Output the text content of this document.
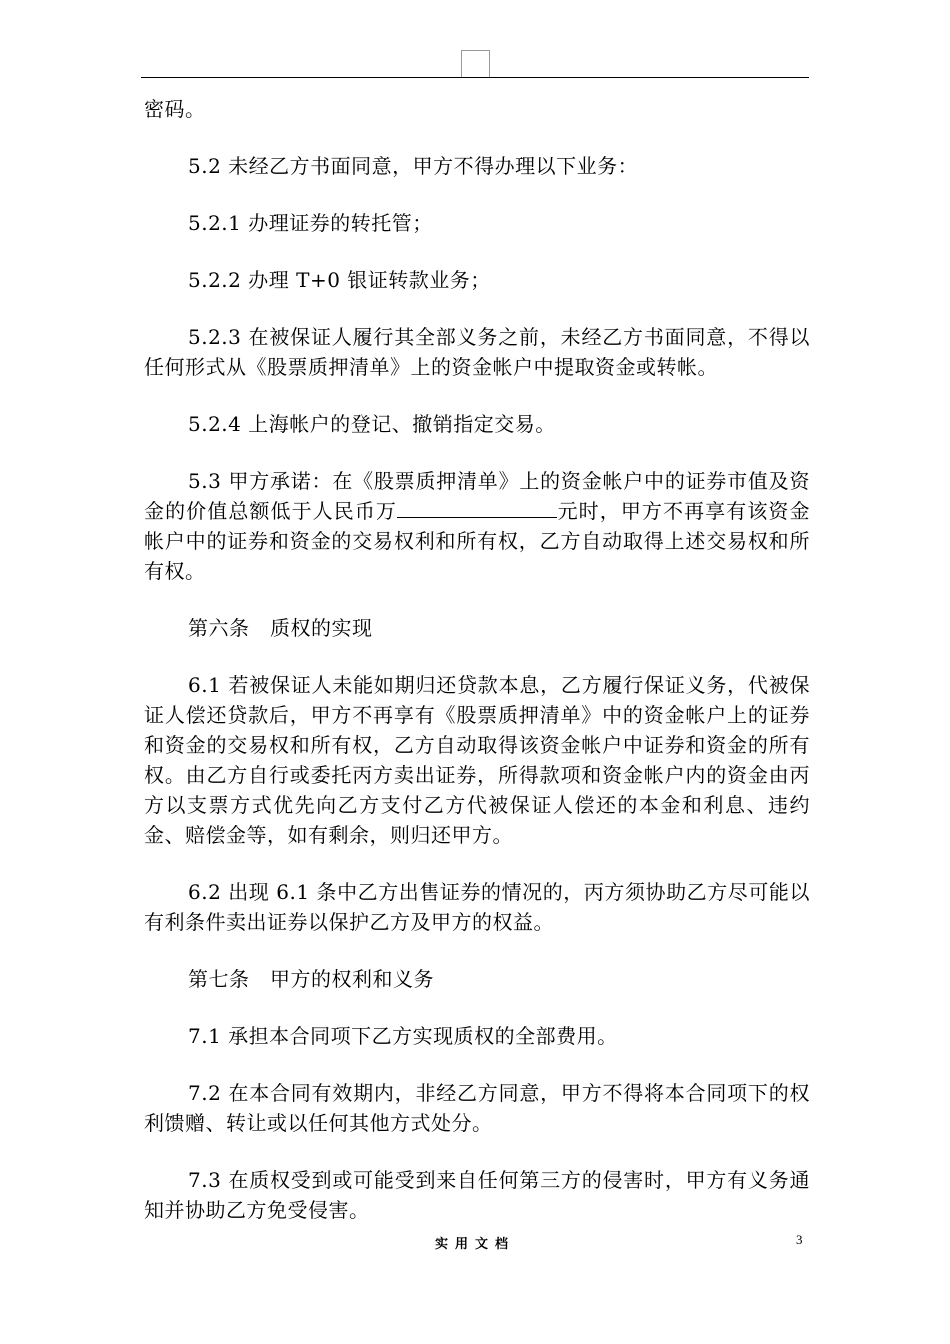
密码。

5.2 未经乙方书面同意，甲方不得办理以下业务：

5.2.1 办理证券的转托管；

5.2.2 办理 T+0 银证转款业务；

5.2.3 在被保证人履行其全部义务之前，未经乙方书面同意，不得以任何形式从《股票质押清单》上的资金帐户中提取资金或转帐。

5.2.4 上海帐户的登记、撤销指定交易。

5.3 甲方承诺：在《股票质押清单》上的资金帐户中的证券市值及资金的价值总额低于人民币万	元时，甲方不再享有该资金帐户中的证券和资金的交易权利和所有权，乙方自动取得上述交易权和所有权。

第六条　质权的实现

6.1 若被保证人未能如期归还贷款本息，乙方履行保证义务，代被保证人偿还贷款后，甲方不再享有《股票质押清单》中的资金帐户上的证券和资金的交易权和所有权，乙方自动取得该资金帐户中证券和资金的所有权。由乙方自行或委托丙方卖出证券，所得款项和资金帐户内的资金由丙方以支票方式优先向乙方支付乙方代被保证人偿还的本金和利息、违约金、赔偿金等，如有剩余，则归还甲方。

6.2 出现 6.1 条中乙方出售证券的情况的，丙方须协助乙方尽可能以有利条件卖出证券以保护乙方及甲方的权益。

第七条　甲方的权利和义务

7.1 承担本合同项下乙方实现质权的全部费用。

7.2 在本合同有效期内，非经乙方同意，甲方不得将本合同项下的权利馈赠、转让或以任何其他方式处分。

7.3 在质权受到或可能受到来自任何第三方的侵害时，甲方有义务通知并协助乙方免受侵害。

实用文档	3
